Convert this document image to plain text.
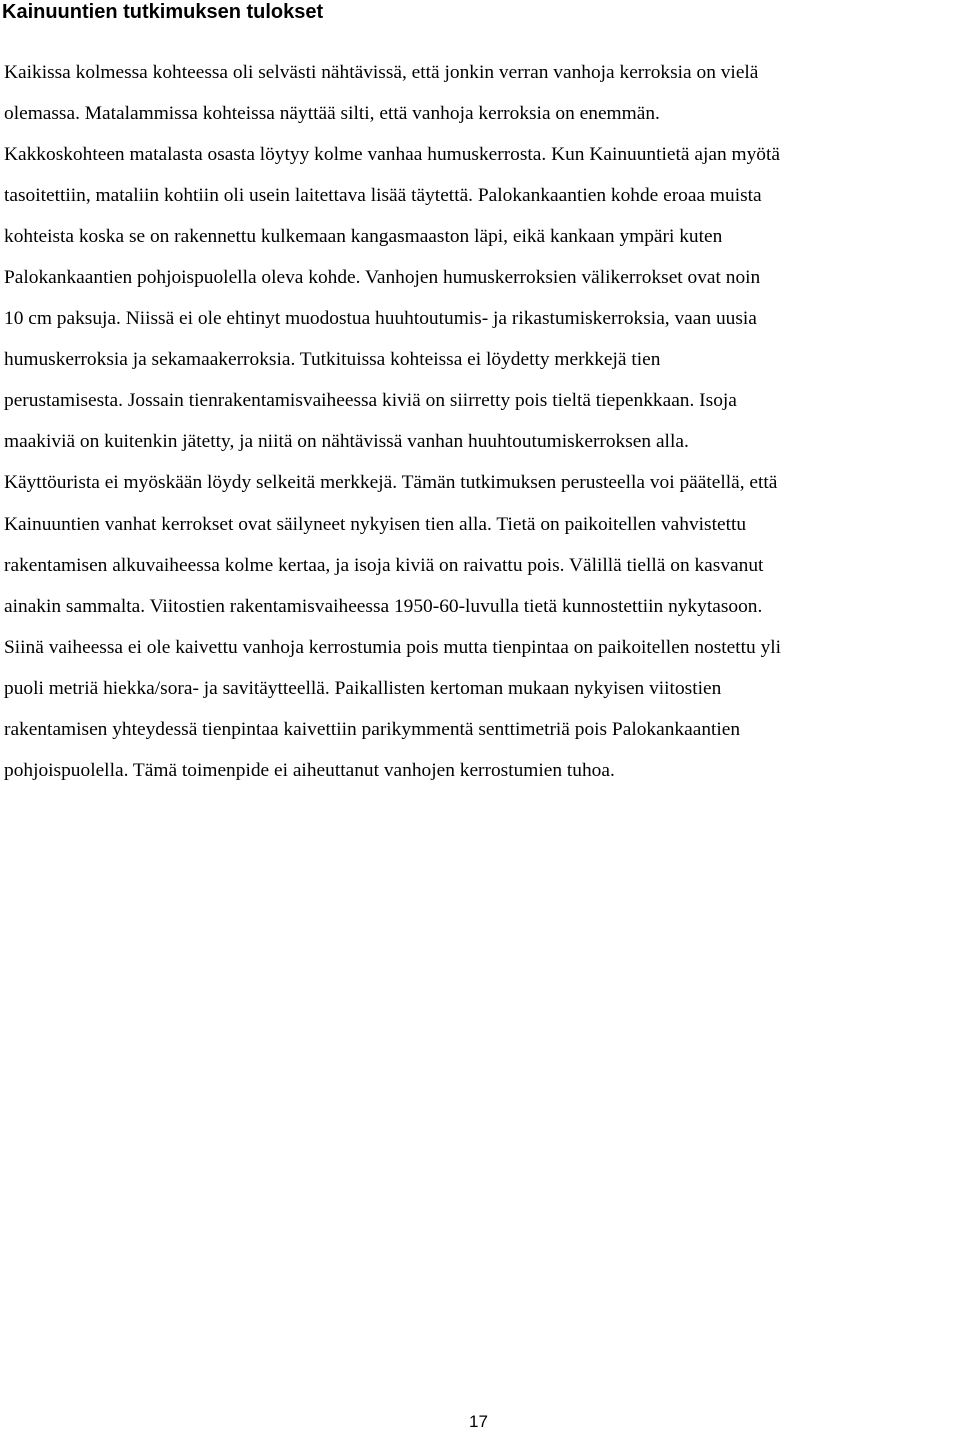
Kainuuntien tutkimuksen tulokset
Kaikissa kolmessa kohteessa oli selvästi nähtävissä, että jonkin verran vanhoja kerroksia on vielä
olemassa. Matalammissa kohteissa näyttää silti, että vanhoja kerroksia on enemmän.
Kakkoskohteen matalasta osasta löytyy kolme vanhaa humuskerrosta. Kun Kainuuntietä ajan myötä
tasoitettiin, mataliin kohtiin oli usein laitettava lisää täytettä. Palokankaantien kohde eroaa muista
kohteista koska se on rakennettu kulkemaan kangasmaaston läpi, eikä kankaan ympäri kuten
Palokankaantien pohjoispuolella oleva kohde. Vanhojen humuskerroksien välikerrokset ovat noin
10 cm paksuja. Niissä ei ole ehtinyt muodostua huuhtoutumis- ja rikastumiskerroksia, vaan uusia
humuskerroksia ja sekamaakerroksia. Tutkituissa kohteissa ei löydetty merkkejä tien
perustamisesta. Jossain tienrakentamisvaiheessa kiviä on siirretty pois tieltä tiepenkkaan. Isoja
maakiviä on kuitenkin jätetty, ja niitä on nähtävissä vanhan huuhtoutumiskerroksen alla.
Käyttöurista ei myöskään löydy selkeitä merkkejä. Tämän tutkimuksen perusteella voi päätellä, että
Kainuuntien vanhat kerrokset ovat säilyneet nykyisen tien alla. Tietä on paikoitellen vahvistettu
rakentamisen alkuvaiheessa kolme kertaa, ja isoja kiviä on raivattu pois. Välillä tiellä on kasvanut
ainakin sammalta. Viitostien rakentamisvaiheessa 1950-60-luvulla tietä kunnostettiin nykytasoon.
Siinä vaiheessa ei ole kaivettu vanhoja kerrostumia pois mutta tienpintaa on paikoitellen nostettu yli
puoli metriä hiekka/sora- ja savitäytteellä. Paikallisten kertoman mukaan nykyisen viitostien
rakentamisen yhteydessä tienpintaa kaivettiin parikymmentä senttimetriä pois Palokankaantien
pohjoispuolella. Tämä toimenpide ei aiheuttanut vanhojen kerrostumien tuhoa.
17
